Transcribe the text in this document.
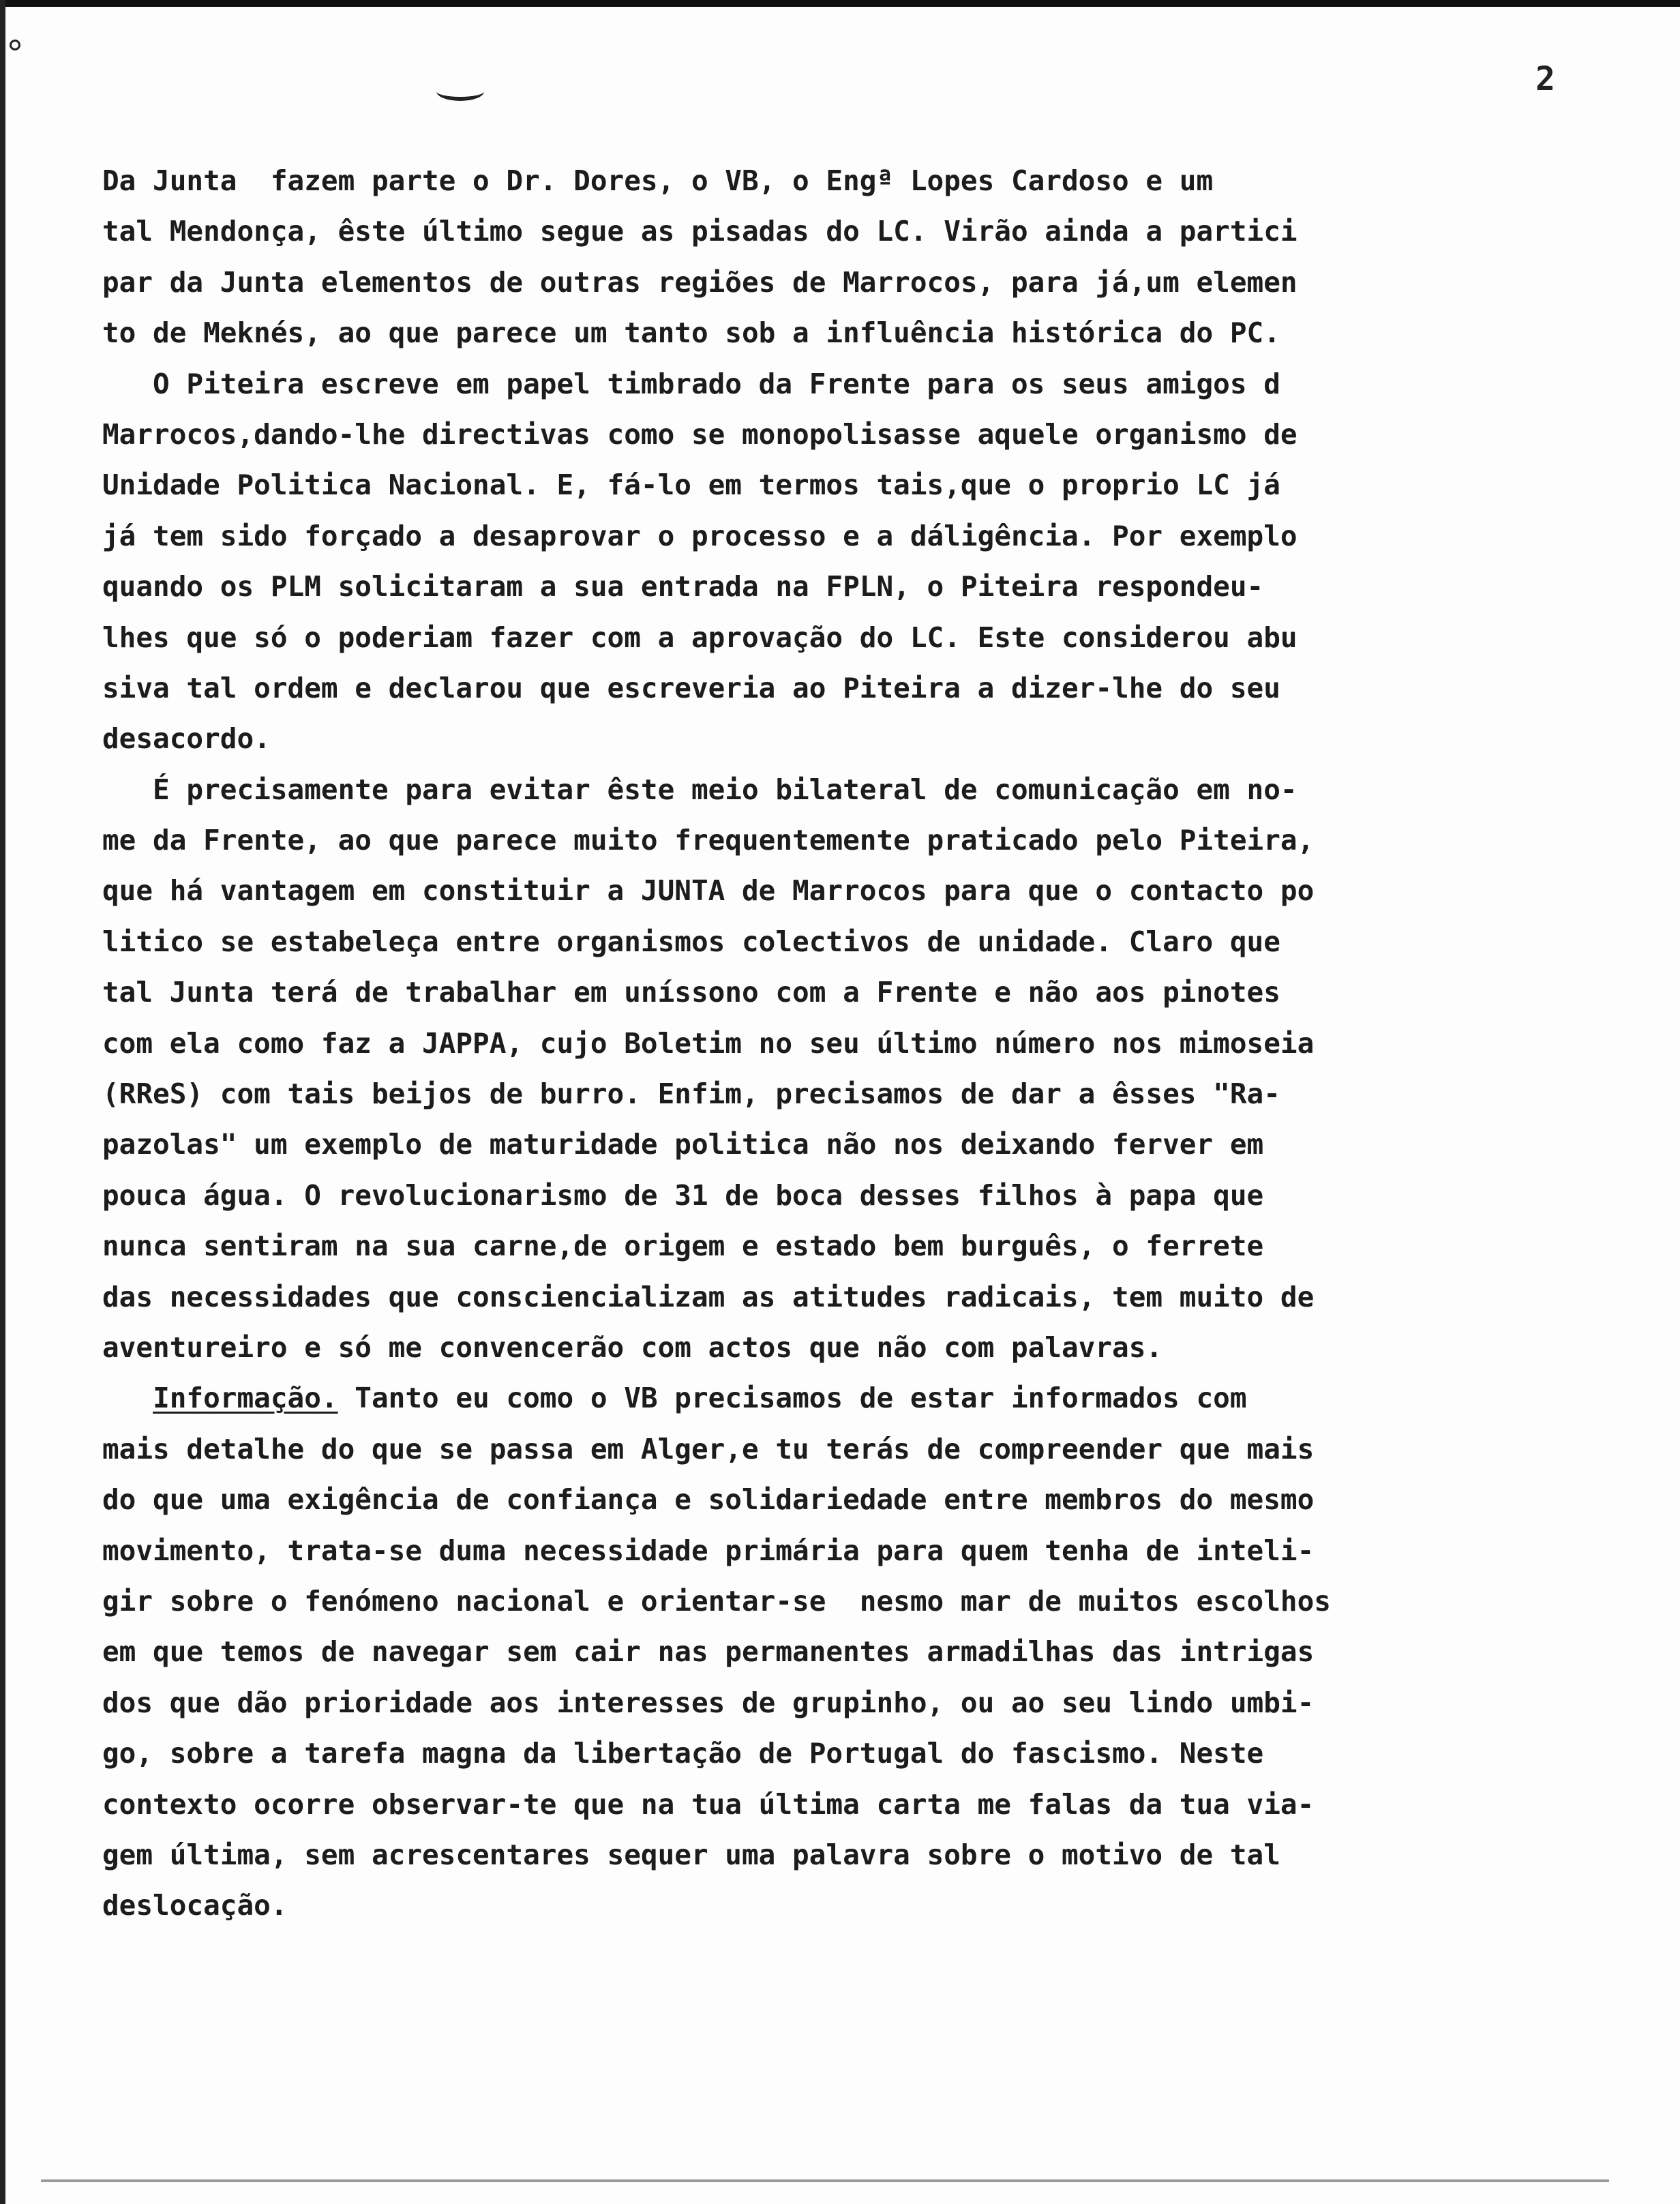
2
Da Junta  fazem parte o Dr. Dores, o VB, o Engª Lopes Cardoso e um
tal Mendonça, êste último segue as pisadas do LC. Virão ainda a partici
par da Junta elementos de outras regiões de Marrocos, para já,um elemen
to de Meknés, ao que parece um tanto sob a influência histórica do PC.
O Piteira escreve em papel timbrado da Frente para os seus amigos d
Marrocos,dando-lhe directivas como se monopolisasse aquele organismo de
Unidade Politica Nacional. E, fá-lo em termos tais,que o proprio LC já
já tem sido forçado a desaprovar o processo e a dáligência. Por exemplo
quando os PLM solicitaram a sua entrada na FPLN, o Piteira respondeu-
lhes que só o poderiam fazer com a aprovação do LC. Este considerou abu
siva tal ordem e declarou que escreveria ao Piteira a dizer-lhe do seu
desacordo.
É precisamente para evitar êste meio bilateral de comunicação em no-
me da Frente, ao que parece muito frequentemente praticado pelo Piteira,
que há vantagem em constituir a JUNTA de Marrocos para que o contacto po
litico se estabeleça entre organismos colectivos de unidade. Claro que
tal Junta terá de trabalhar em uníssono com a Frente e não aos pinotes
com ela como faz a JAPPA, cujo Boletim no seu último número nos mimoseia
(RReS) com tais beijos de burro. Enfim, precisamos de dar a êsses "Ra-
pazolas" um exemplo de maturidade politica não nos deixando ferver em
pouca água. O revolucionarismo de 31 de boca desses filhos à papa que
nunca sentiram na sua carne,de origem e estado bem burguês, o ferrete
das necessidades que consciencializam as atitudes radicais, tem muito de
aventureiro e só me convencerão com actos que não com palavras.
Informação. Tanto eu como o VB precisamos de estar informados com
mais detalhe do que se passa em Alger,e tu terás de compreender que mais
do que uma exigência de confiança e solidariedade entre membros do mesmo
movimento, trata-se duma necessidade primária para quem tenha de inteli-
gir sobre o fenómeno nacional e orientar-se  nesmo mar de muitos escolhos
em que temos de navegar sem cair nas permanentes armadilhas das intrigas
dos que dão prioridade aos interesses de grupinho, ou ao seu lindo umbi-
go, sobre a tarefa magna da libertação de Portugal do fascismo. Neste
contexto ocorre observar-te que na tua última carta me falas da tua via-
gem última, sem acrescentares sequer uma palavra sobre o motivo de tal
deslocação.
